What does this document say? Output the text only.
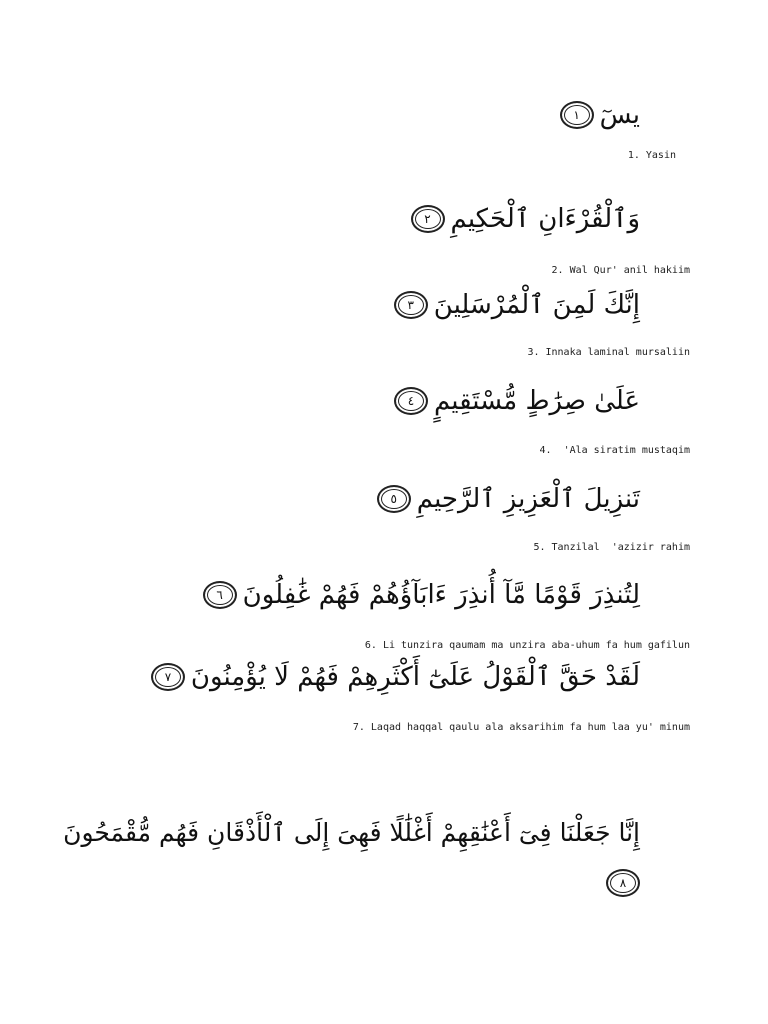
يسٓ
١
1. Yasin
وَٱلْقُرْءَانِ ٱلْحَكِيمِ
٢
2. Wal Qur' anil hakiim
إِنَّكَ لَمِنَ ٱلْمُرْسَلِينَ
٣
3. Innaka laminal mursaliin
عَلَىٰ صِرَٰطٍ مُّسْتَقِيمٍ
٤
4.  'Ala siratim mustaqim
تَنزِيلَ ٱلْعَزِيزِ ٱلرَّحِيمِ
٥
5. Tanzilal  'azizir rahim
لِتُنذِرَ قَوْمًا مَّآ أُنذِرَ ءَابَآؤُهُمْ فَهُمْ غَٰفِلُونَ
٦
6. Li tunzira qaumam ma unzira aba-uhum fa hum gafilun
لَقَدْ حَقَّ ٱلْقَوْلُ عَلَىٰٓ أَكْثَرِهِمْ فَهُمْ لَا يُؤْمِنُونَ
٧
7. Laqad haqqal qaulu ala aksarihim fa hum laa yu' minum
إِنَّا جَعَلْنَا فِىٓ أَعْنَٰقِهِمْ أَغْلَٰلًا فَهِىَ إِلَى ٱلْأَذْقَانِ فَهُم مُّقْمَحُونَ
٨
